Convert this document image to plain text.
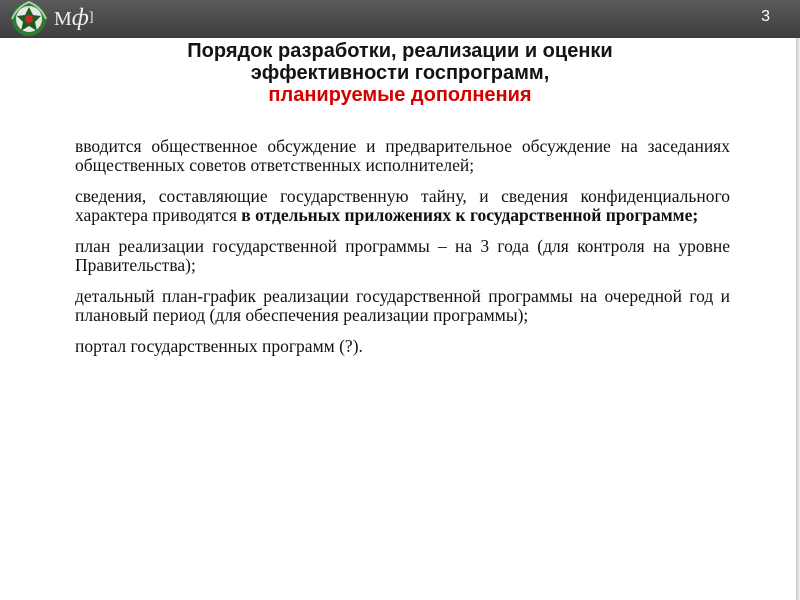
Мф]	3
Порядок разработки, реализации и оценки
эффективности госпрограмм,
планируемые дополнения

вводится общественное обсуждение и предварительное обсуждение на заседаниях общественных советов ответственных исполнителей;

сведения, составляющие государственную тайну, и сведения конфиденциального характера приводятся в отдельных приложениях к государственной программе;

план реализации государственной программы – на 3 года (для контроля на уровне Правительства);

детальный план-график реализации государственной программы на очередной год и плановый период (для обеспечения реализации программы);

портал государственных программ (?).
